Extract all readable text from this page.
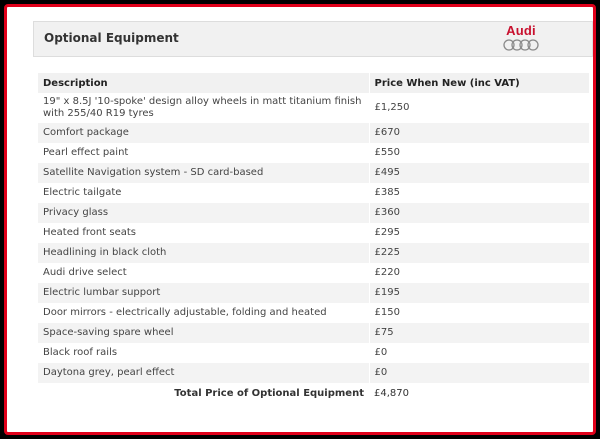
Optional Equipment	Audi
Description	Price When New (inc VAT)
19" x 8.5J '10-spoke' design alloy wheels in matt titanium finish with 255/40 R19 tyres	£1,250
Comfort package	£670
Pearl effect paint	£550
Satellite Navigation system - SD card-based	£495
Electric tailgate	£385
Privacy glass	£360
Heated front seats	£295
Headlining in black cloth	£225
Audi drive select	£220
Electric lumbar support	£195
Door mirrors - electrically adjustable, folding and heated	£150
Space-saving spare wheel	£75
Black roof rails	£0
Daytona grey, pearl effect	£0
Total Price of Optional Equipment	£4,870
